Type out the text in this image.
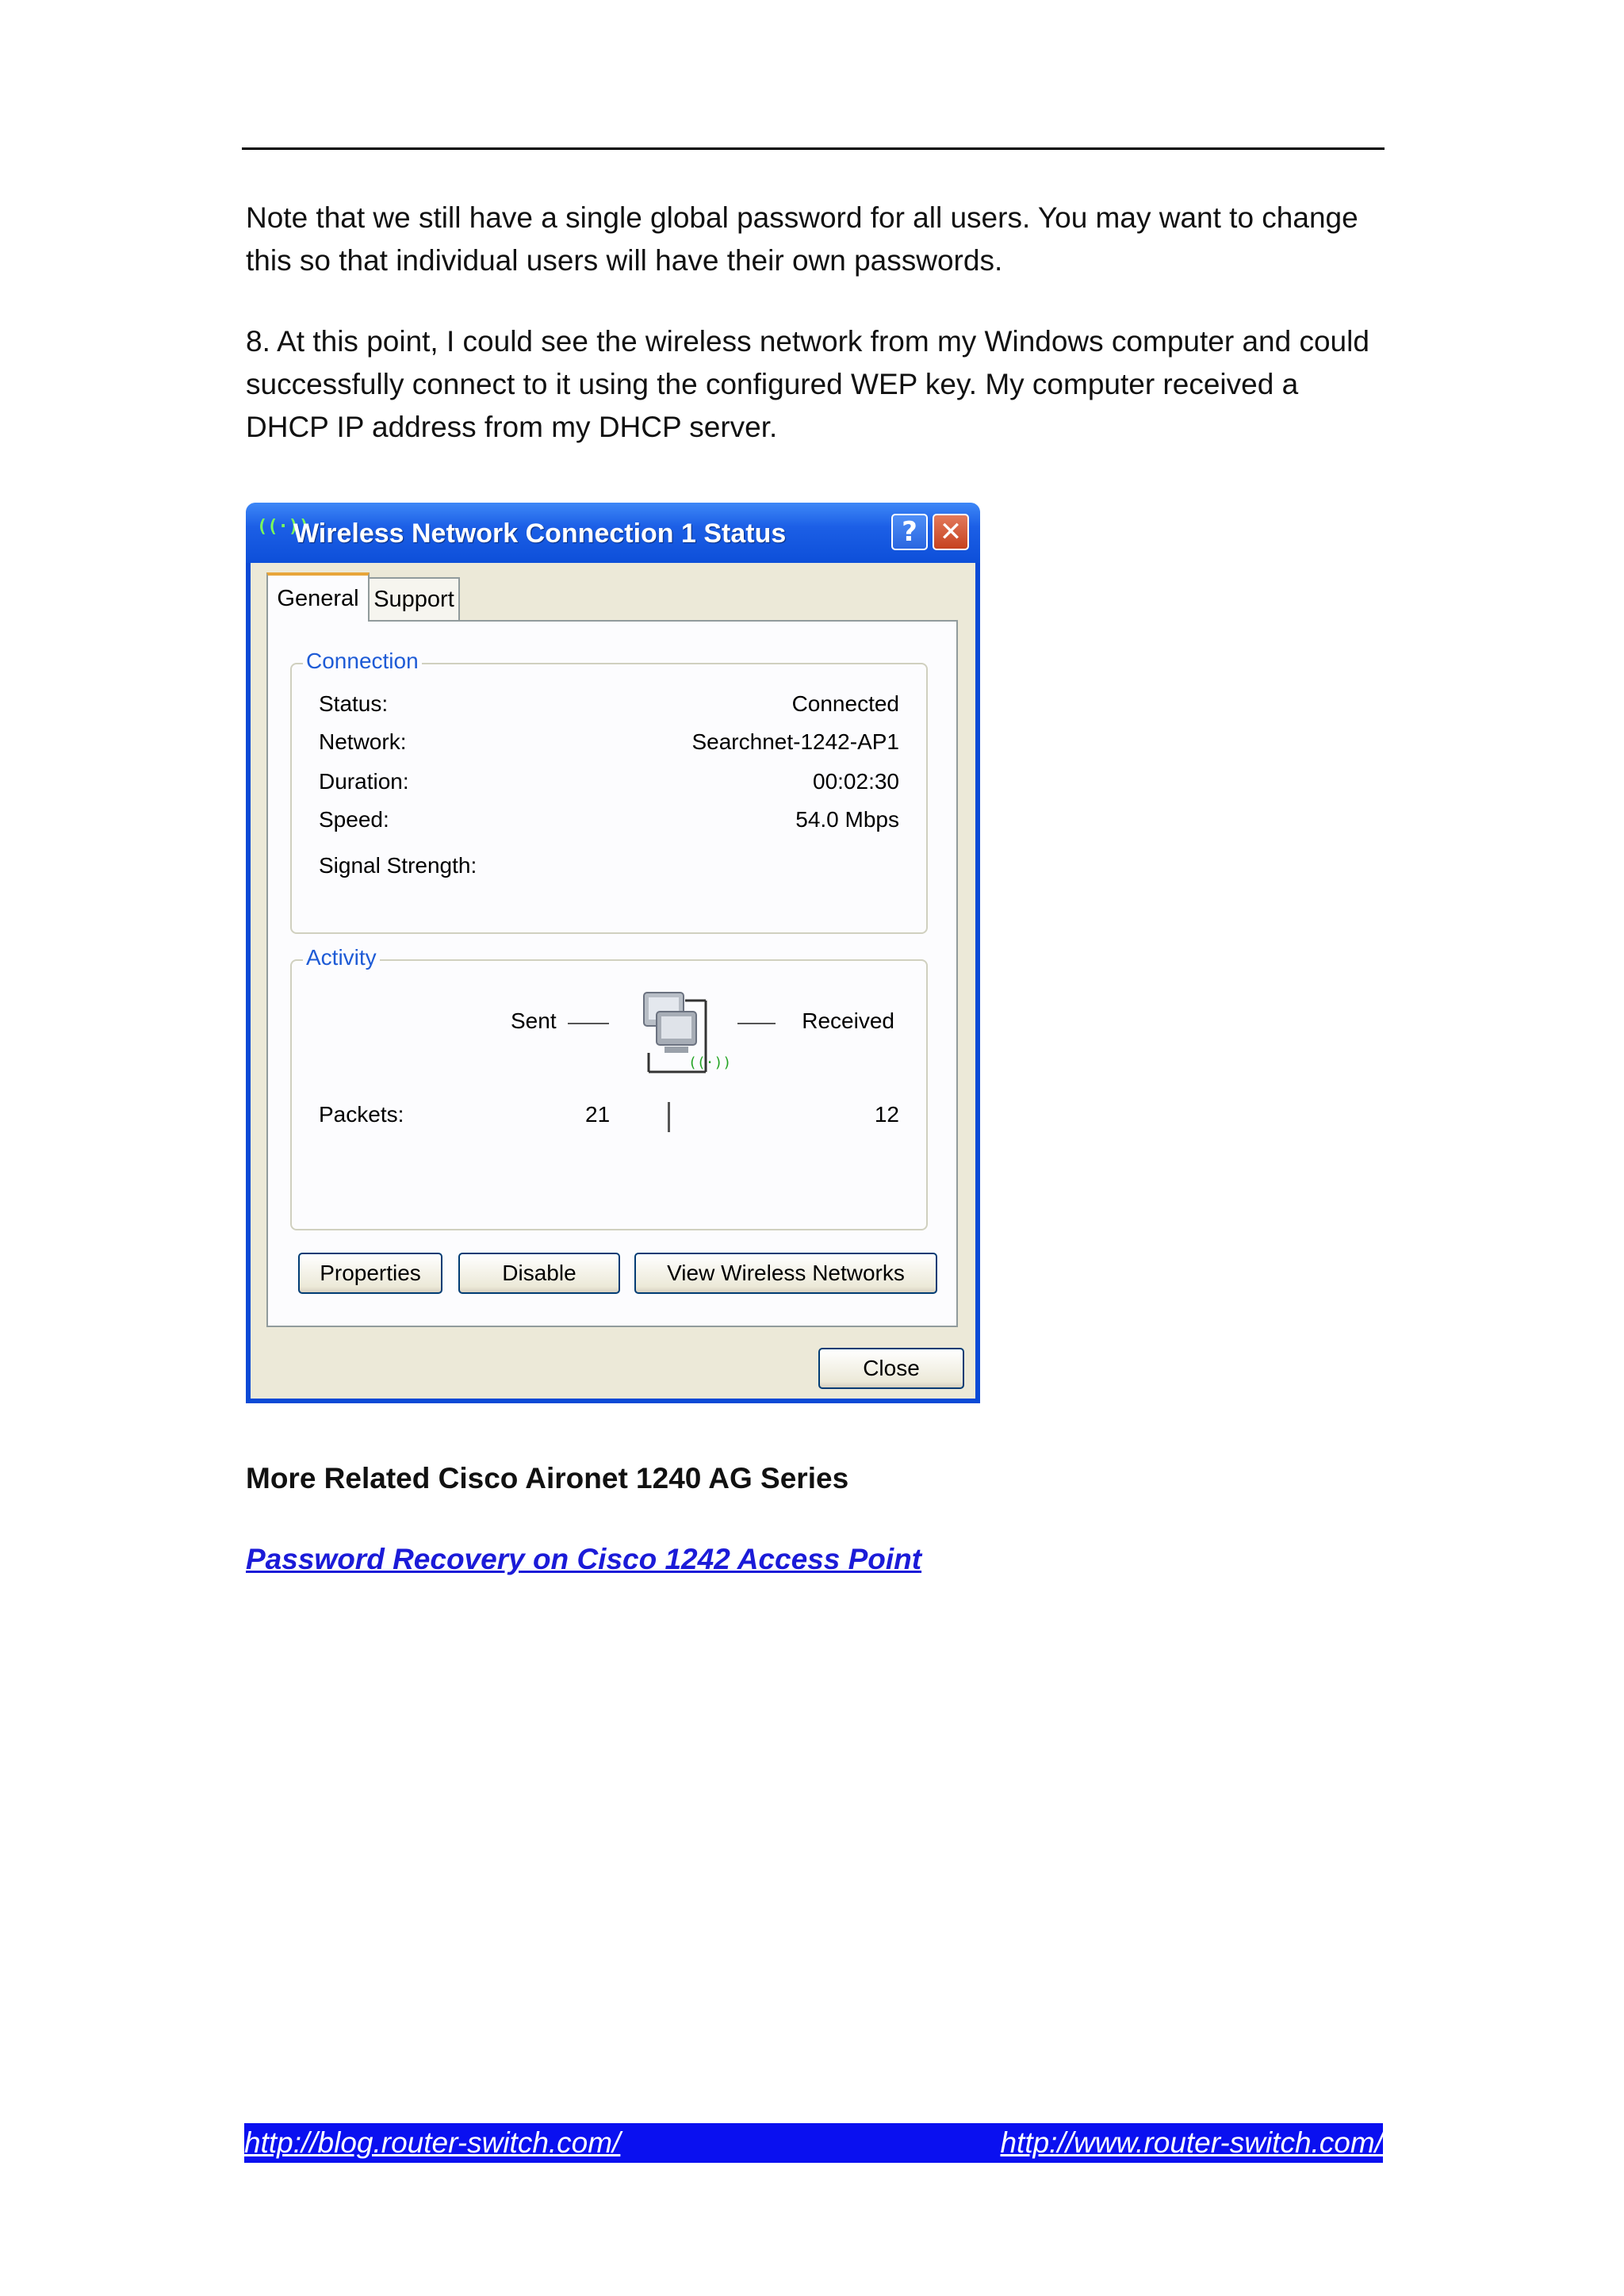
Note that we still have a single global password for all users. You may want to change this so that individual users will have their own passwords.

8. At this point, I could see the wireless network from my Windows computer and could successfully connect to it using the configured WEP key. My computer received a DHCP IP address from my DHCP server.

((·))
Wireless Network Connection 1 Status	? ✕
General Support
Connection
Status:	Connected
Network:	Searchnet-1242-AP1
Duration:	00:02:30
Speed:	54.0 Mbps
Signal Strength:
Activity
Sent
((·))
Received
Packets:	21	12
Properties	Disable	View Wireless Networks
Close
More Related Cisco Aironet 1240 AG Series
Password Recovery on Cisco 1242 Access Point
http://blog.router-switch.com/	http://www.router-switch.com/
